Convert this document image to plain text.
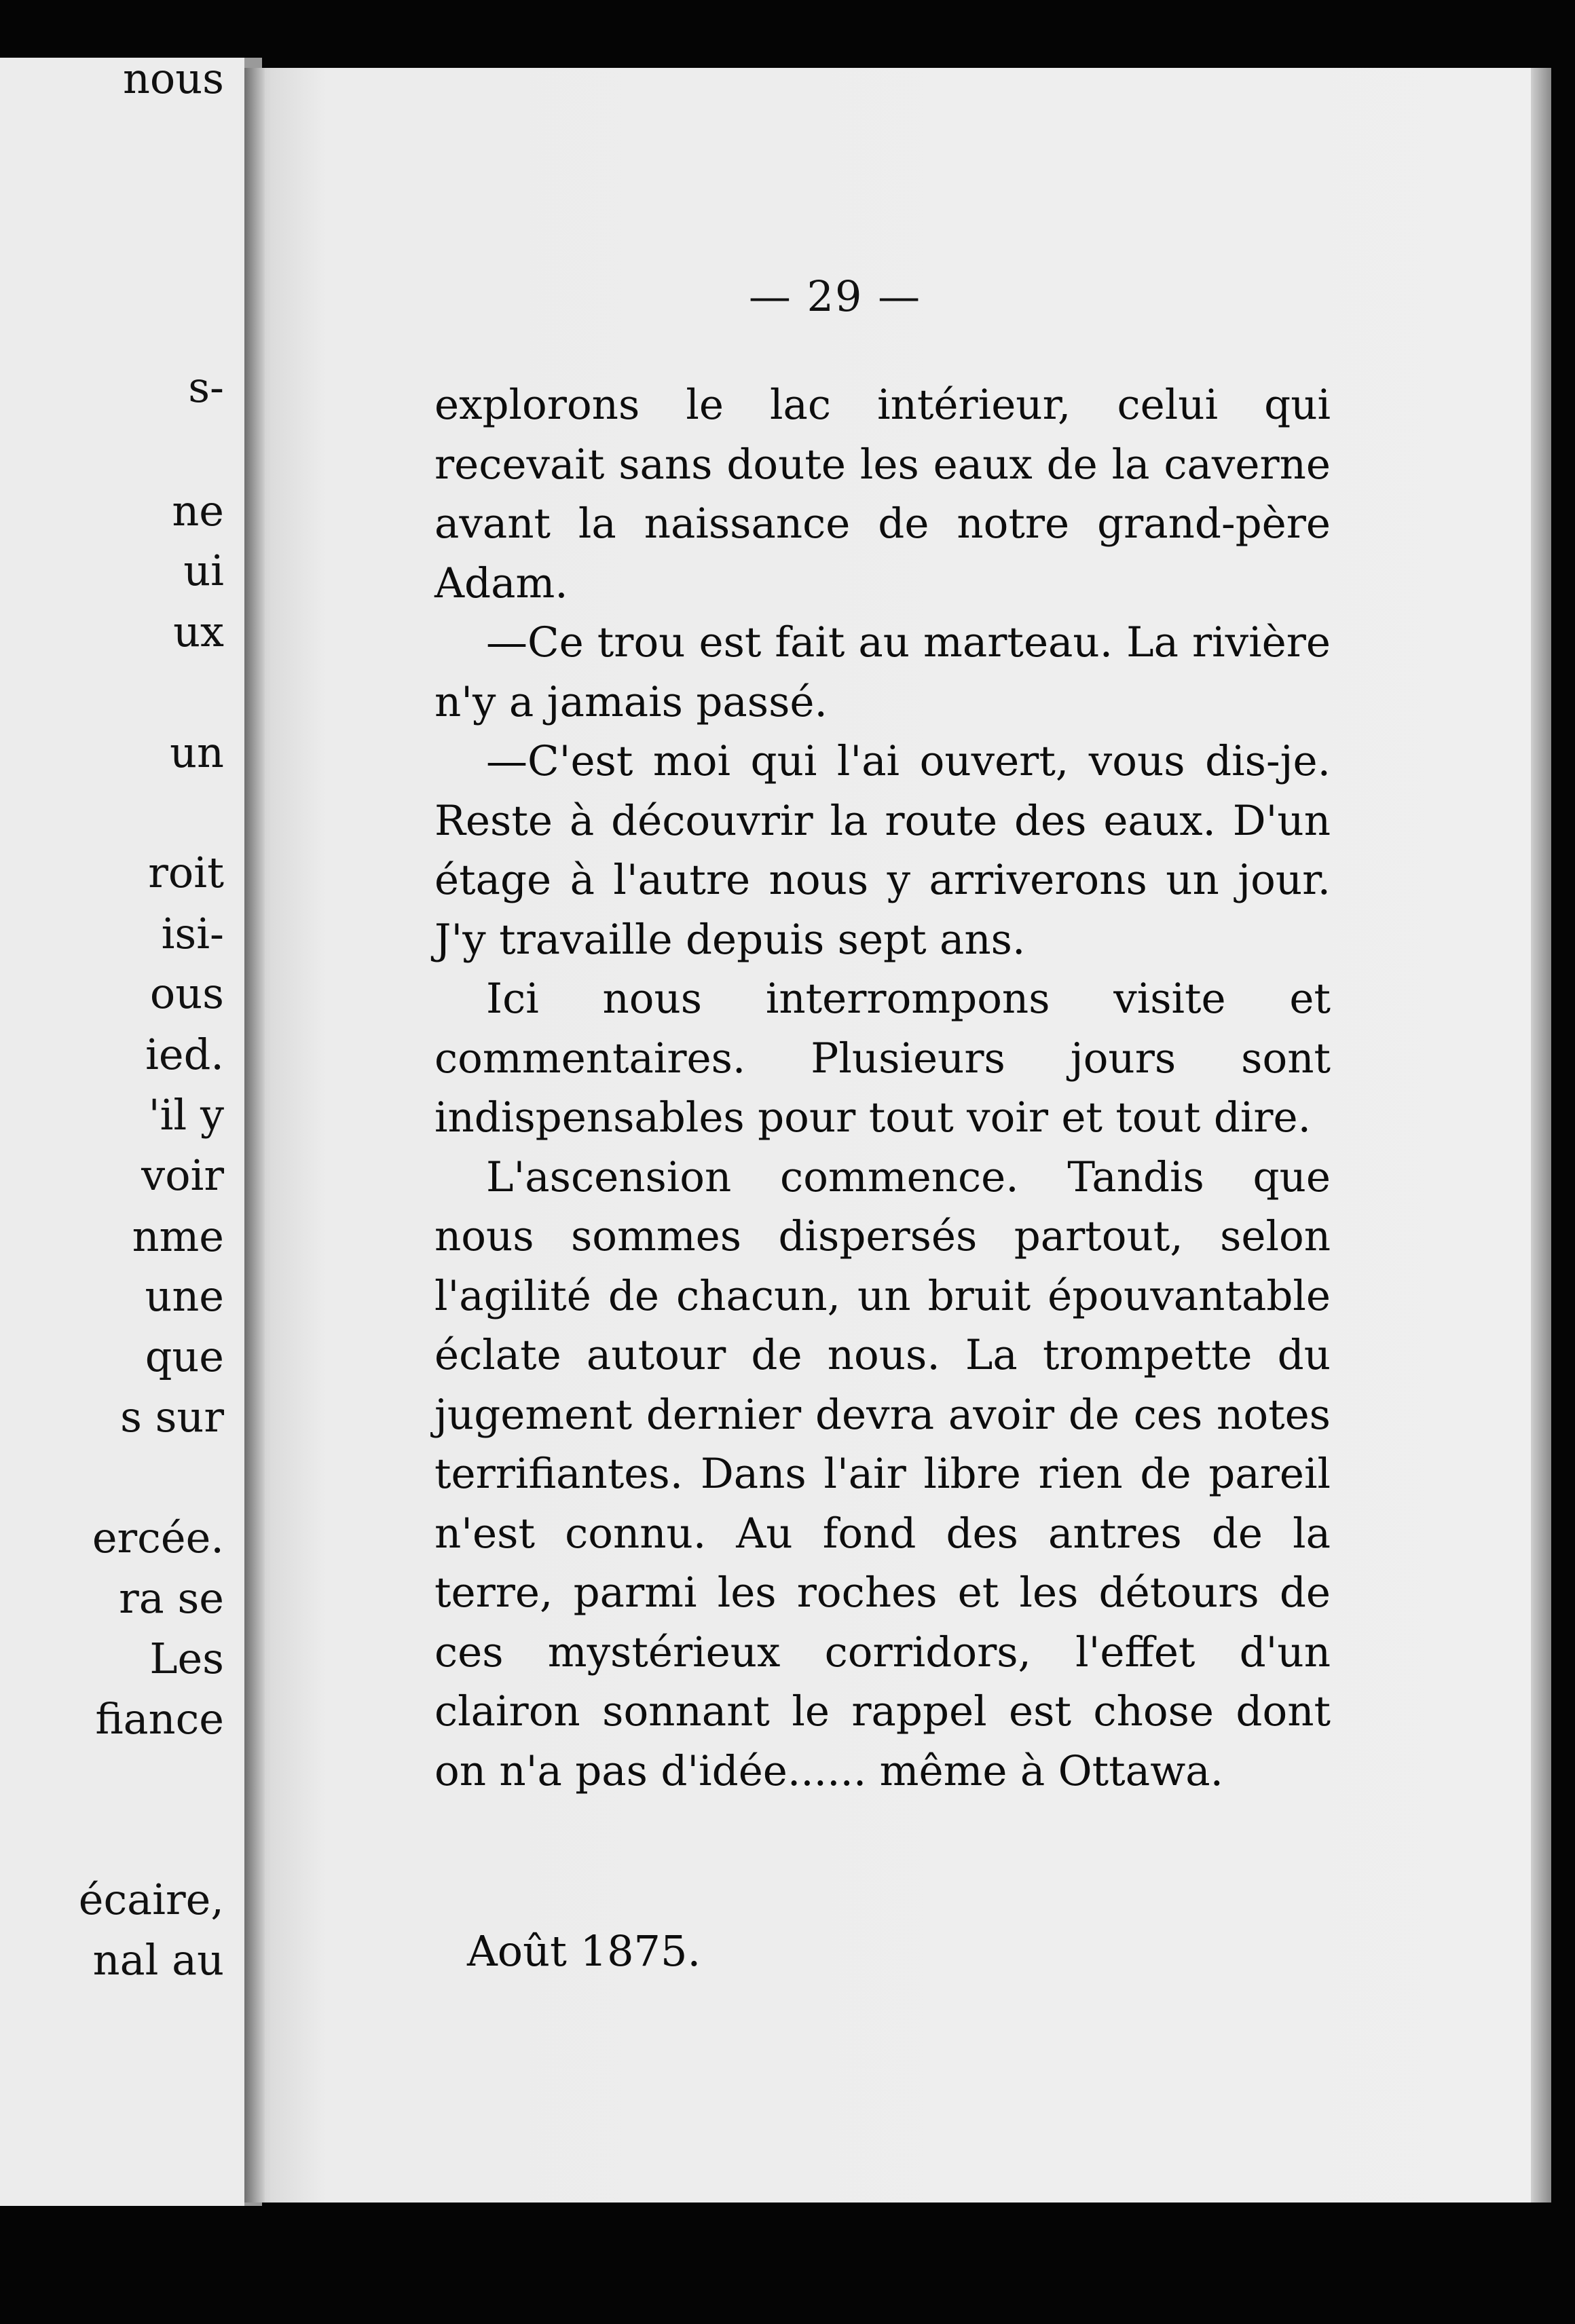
s-
ne
ui
ux
un
roit
isi-
ous
ied.
'il y
voir
nme
une
que
s sur
ercée.
ra se
Les
fiance
écaire,
nal au
nous
— 29 —

explorons le lac intérieur, celui qui recevait sans doute les eaux de la caverne avant la naissance de notre grand-père Adam.

—Ce trou est fait au marteau. La rivière n'y a jamais passé.

—C'est moi qui l'ai ouvert, vous dis-je. Reste à découvrir la route des eaux. D'un étage à l'autre nous y arriverons un jour. J'y travaille depuis sept ans.

Ici nous interrompons visite et commentaires. Plusieurs jours sont indispensables pour tout voir et tout dire.

L'ascension commence. Tandis que nous sommes dispersés partout, selon l'agilité de chacun, un bruit épouvantable éclate autour de nous. La trompette du jugement dernier devra avoir de ces notes terrifiantes. Dans l'air libre rien de pareil n'est connu. Au fond des antres de la terre, parmi les roches et les détours de ces mystérieux corridors, l'effet d'un clairon sonnant le rappel est chose dont on n'a pas d'idée...... même à Ottawa.

Août 1875.
